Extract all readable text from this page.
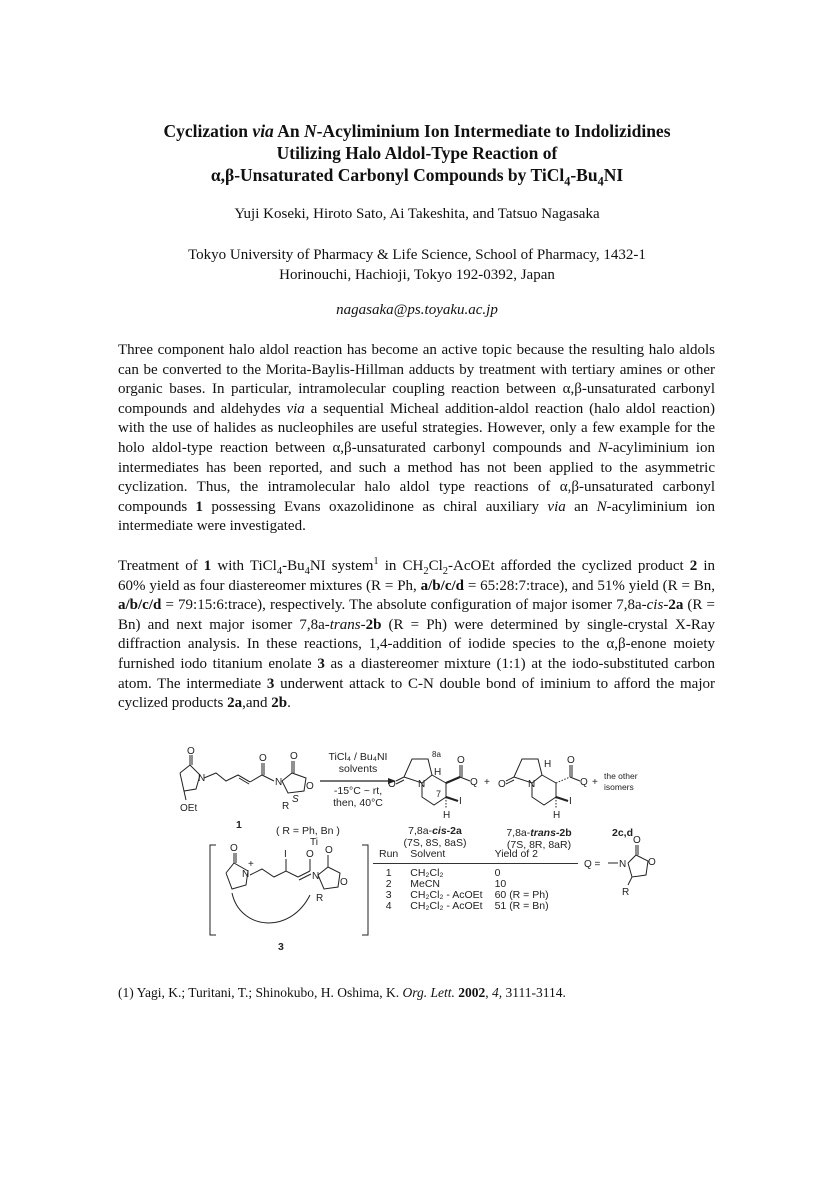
Cyclization via An N-Acyliminium Ion Intermediate to Indolizidines
Utilizing Halo Aldol-Type Reaction of
α,β-Unsaturated Carbonyl Compounds by $TiCl_4-Bu_4NI$
Yuji Koseki, Hiroto Sato, Ai Takeshita, and Tatsuo Nagasaka
Tokyo University of Pharmacy & Life Science, School of Pharmacy, 1432-1
Horinouchi, Hachioji, Tokyo 192-0392, Japan
nagasaka@ps.toyaku.ac.jp

Three component halo aldol reaction has become an active topic because the resulting halo aldols can be converted to the Morita-Baylis-Hillman adducts by treatment with tertiary amines or other organic bases. In particular, intramolecular coupling reaction between α,β-unsaturated carbonyl compounds and aldehydes via a sequential Micheal addition-aldol reaction (halo aldol reaction) with the use of halides as nucleophiles are useful strategies. However, only a few example for the holo aldol-type reaction between α,β-unsaturated carbonyl compounds and N-acyliminium ion intermediates has been reported, and such a method has not been applied to the asymmetric cyclization. Thus, the intramolecular halo aldol type reactions of α,β-unsaturated carbonyl compounds 1 possessing Evans oxazolidinone as chiral auxiliary via an N-acyliminium ion intermediate were investigated.

Treatment of 1 with $TiCl_4-Bu_4NI$ system$^1$ in $CH_2Cl_2$-AcOEt afforded the cyclized product 2 in 60% yield as four diastereomer mixtures (R = Ph, a/b/c/d = 65:28:7:trace), and 51% yield (R = Bn, a/b/c/d = 79:15:6:trace), respectively. The absolute configuration of major isomer 7,8a-cis-2a (R = Bn) and next major isomer 7,8a-trans-2b (R = Ph) were determined by single-crystal X-Ray diffraction analysis. In these reactions, 1,4-addition of iodide species to the α,β-enone moiety furnished iodo titanium enolate 3 as a diastereomer mixture (1:1) at the iodo-substituted carbon atom. The intermediate 3 underwent attack to C-N double bond of iminium to afford the major cyclized products 2a,and 2b.

O
N
OEt
O
N
O
O
R
S
O N
8a
H
O
Q
7
I
H
+ O N
H O
Q
I
H
+
O
N
+
I O
Ti
N
O
O
R
Q = N
O
O
R
TiCl₄ / Bu₄NI
solvents
-15°C ~ rt,
then, 40°C
1	( R = Ph, Bn )	7,8a-cis-2a
(7S, 8S, 8aS)
7,8a-trans-2b
(7S, 8R, 8aR)
the other
isomers
2c,d
3
Run	Solvent	Yield of 2
1	CH₂Cl₂	0
2	MeCN	10
3	CH₂Cl₂ - AcOEt	60 (R = Ph)
4	CH₂Cl₂ - AcOEt	51 (R = Bn)
(1) Yagi, K.; Turitani, T.; Shinokubo, H. Oshima, K. Org. Lett. 2002, 4, 3111-3114.
